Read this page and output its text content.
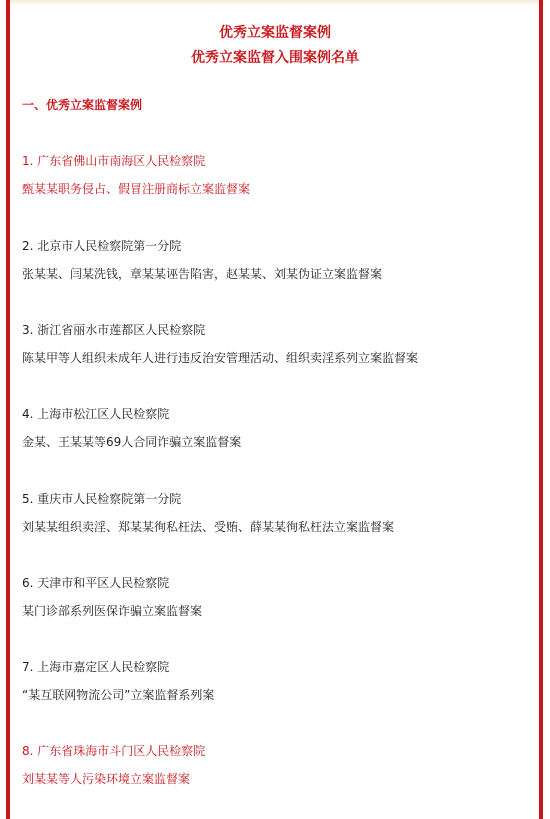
优秀立案监督案例
优秀立案监督入围案例名单
一、优秀立案监督案例
1. 广东省佛山市南海区人民检察院
甄某某职务侵占、假冒注册商标立案监督案
2. 北京市人民检察院第一分院
张某某、闫某洗钱，章某某诬告陷害，赵某某、刘某伪证立案监督案
3. 浙江省丽水市莲都区人民检察院
陈某甲等人组织未成年人进行违反治安管理活动、组织卖淫系列立案监督案
4. 上海市松江区人民检察院
金某、王某某等69人合同诈骗立案监督案
5. 重庆市人民检察院第一分院
刘某某组织卖淫、郑某某徇私枉法、受贿、薛某某徇私枉法立案监督案
6. 天津市和平区人民检察院
某门诊部系列医保诈骗立案监督案
7. 上海市嘉定区人民检察院
“某互联网物流公司”立案监督系列案
8. 广东省珠海市斗门区人民检察院
刘某某等人污染环境立案监督案
